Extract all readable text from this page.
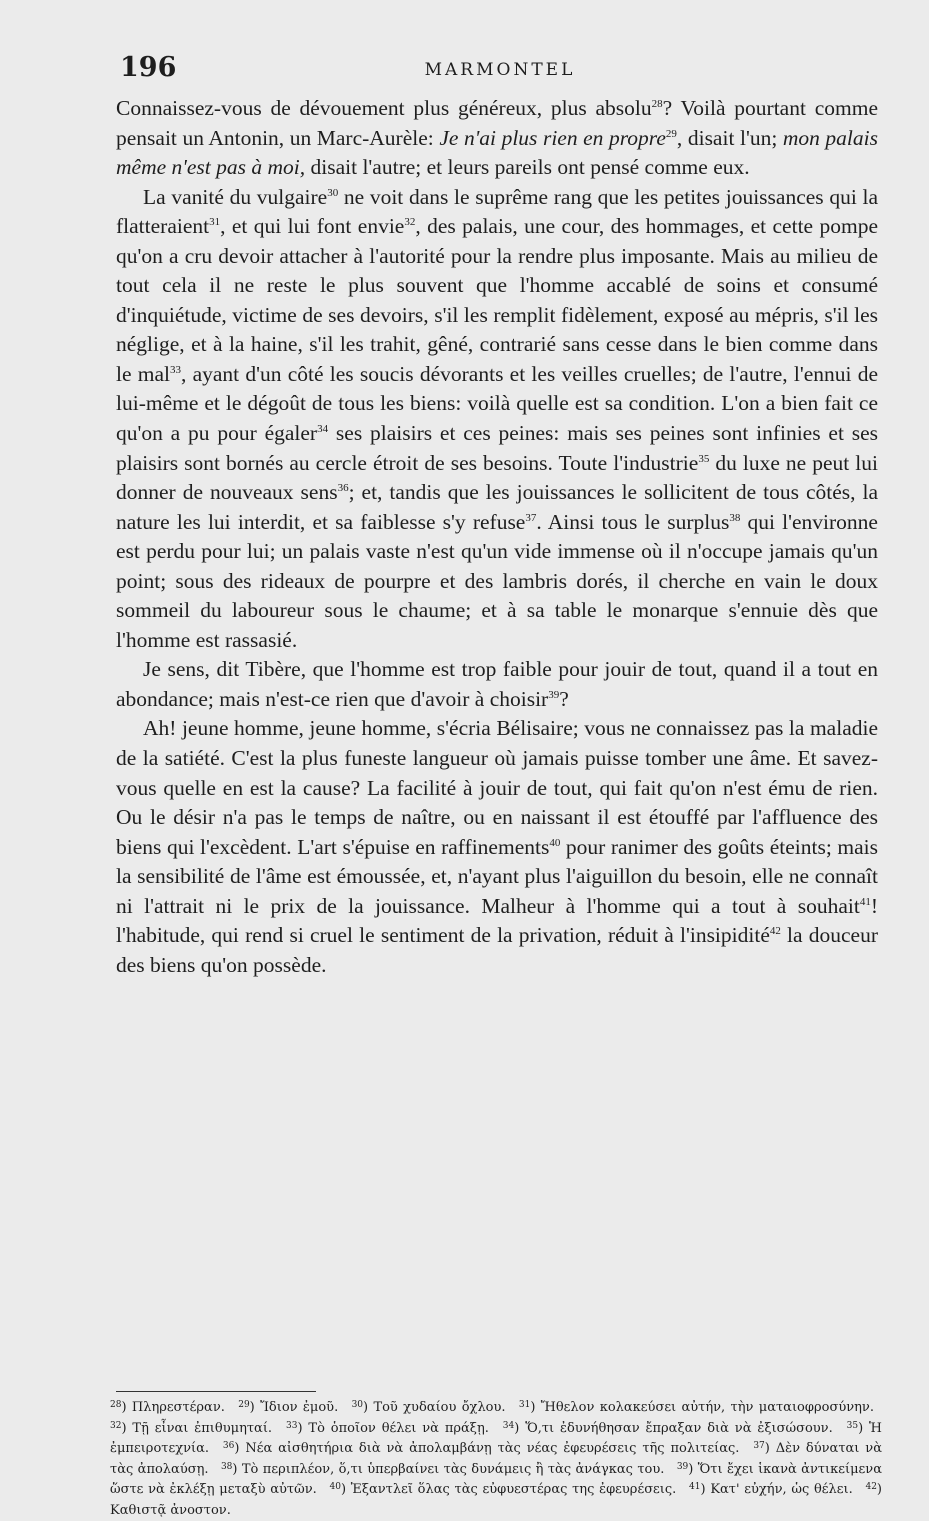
196	MARMONTEL

Connaissez-vous de dévouement plus généreux, plus absolu$^{28}$? Voilà pourtant comme pensait un Antonin, un Marc-Aurèle: Je n'ai plus rien en propre$^{29}$, disait l'un; mon palais même n'est pas à moi, disait l'autre; et leurs pareils ont pensé comme eux.

La vanité du vulgaire$^{30}$ ne voit dans le suprême rang que les petites jouissances qui la flatteraient$^{31}$, et qui lui font envie$^{32}$, des palais, une cour, des hommages, et cette pompe qu'on a cru devoir attacher à l'autorité pour la rendre plus imposante. Mais au milieu de tout cela il ne reste le plus souvent que l'homme accablé de soins et consumé d'inquiétude, victime de ses devoirs, s'il les remplit fidèlement, exposé au mépris, s'il les néglige, et à la haine, s'il les trahit, gêné, contrarié sans cesse dans le bien comme dans le mal$^{33}$, ayant d'un côté les soucis dévorants et les veilles cruelles; de l'autre, l'ennui de lui-même et le dégoût de tous les biens: voilà quelle est sa condition. L'on a bien fait ce qu'on a pu pour égaler$^{34}$ ses plaisirs et ces peines: mais ses peines sont infinies et ses plaisirs sont bornés au cercle étroit de ses besoins. Toute l'industrie$^{35}$ du luxe ne peut lui donner de nouveaux sens$^{36}$; et, tandis que les jouissances le sollicitent de tous côtés, la nature les lui interdit, et sa faiblesse s'y refuse$^{37}$. Ainsi tous le surplus$^{38}$ qui l'environne est perdu pour lui; un palais vaste n'est qu'un vide immense où il n'occupe jamais qu'un point; sous des rideaux de pourpre et des lambris dorés, il cherche en vain le doux sommeil du laboureur sous le chaume; et à sa table le monarque s'ennuie dès que l'homme est rassasié.

Je sens, dit Tibère, que l'homme est trop faible pour jouir de tout, quand il a tout en abondance; mais n'est-ce rien que d'avoir à choisir$^{39}$?

Ah! jeune homme, jeune homme, s'écria Bélisaire; vous ne connaissez pas la maladie de la satiété. C'est la plus funeste langueur où jamais puisse tomber une âme. Et savez-vous quelle en est la cause? La facilité à jouir de tout, qui fait qu'on n'est ému de rien. Ou le désir n'a pas le temps de naître, ou en naissant il est étouffé par l'affluence des biens qui l'excèdent. L'art s'épuise en raffinements$^{40}$ pour ranimer des goûts éteints; mais la sensibilité de l'âme est émoussée, et, n'ayant plus l'aiguillon du besoin, elle ne connaît ni l'attrait ni le prix de la jouissance. Malheur à l'homme qui a tout à souhait$^{41}$! l'habitude, qui rend si cruel le sentiment de la privation, réduit à l'insipidité$^{42}$ la douceur des biens qu'on possède.

$^{28}$) Πληρεστέραν. $^{29}$) Ἴδιον ἐμοῦ. $^{30}$) Τοῦ χυδαίου ὄχλου. $^{31}$) Ἤθελον κολακεύσει αὐτήν, τὴν ματαιοφροσύνην. $^{32}$) Τῇ εἶναι ἐπιθυμηταί. $^{33}$) Τὸ ὁποῖον θέλει νὰ πράξῃ. $^{34}$) Ὅ,τι ἐδυνήθησαν ἔπραξαν διὰ νὰ ἐξισώσουν. $^{35}$) Ἡ ἐμπειροτεχνία. $^{36}$) Νέα αἰσθητήρια διὰ νὰ ἀπολαμβάνῃ τὰς νέας ἐφευρέσεις τῆς πολιτείας. $^{37}$) Δὲν δύναται νὰ τὰς ἀπολαύσῃ. $^{38}$) Τὸ περιπλέον, ὅ,τι ὑπερβαίνει τὰς δυνάμεις ἢ τὰς ἀνάγκας του. $^{39}$) Ὅτι ἔχει ἱκανὰ ἀντικείμενα ὥστε νὰ ἐκλέξῃ μεταξὺ αὐτῶν. $^{40}$) Ἐξαντλεῖ ὅλας τὰς εὐφυεστέρας της ἐφευρέσεις. $^{41}$) Κατ' εὐχήν, ὡς θέλει. $^{42}$) Καθιστᾷ ἀνοστον.
